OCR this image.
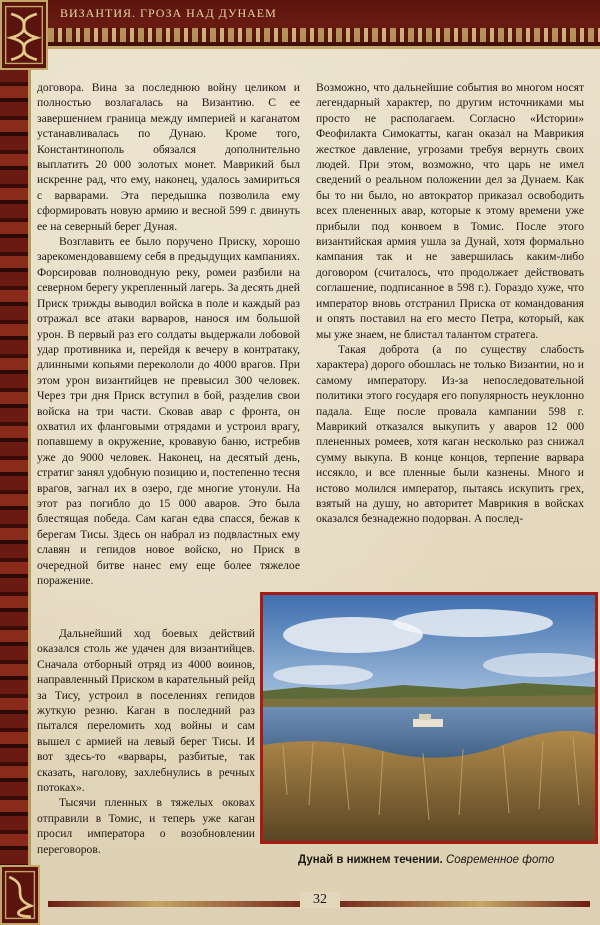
ВИЗАНТИЯ. ГРОЗА НАД ДУНАЕМ

договора. Вина за последнюю войну целиком и полностью возлагалась на Византию. С ее завершением граница между империей и каганатом устанавливалась по Дунаю. Кроме того, Константинополь обязался дополнительно выплатить 20 000 золотых монет. Маврикий был искренне рад, что ему, наконец, удалось замириться с варварами. Эта передышка позволила ему сформировать новую армию и весной 599 г. двинуть ее на северный берег Дуная.

Возглавить ее было поручено Приску, хорошо зарекомендовавшему себя в предыдущих кампаниях. Форсировав полноводную реку, ромеи разбили на северном берегу укрепленный лагерь. За десять дней Приск трижды выводил войска в поле и каждый раз отражал все атаки варваров, нанося им большой урон. В первый раз его солдаты выдержали лобовой удар противника и, перейдя к вечеру в контратаку, длинными копьями перекололи до 4000 врагов. При этом урон византийцев не превысил 300 человек. Через три дня Приск вступил в бой, разделив свои войска на три части. Сковав авар с фронта, он охватил их фланговыми отрядами и устроил врагу, попавшему в окружение, кровавую баню, истребив уже до 9000 человек. Наконец, на десятый день, стратиг занял удобную позицию и, постепенно тесня врагов, загнал их в озеро, где многие утонули. На этот раз погибло до 15 000 аваров. Это была блестящая победа. Сам каган едва спасся, бежав к берегам Тисы. Здесь он набрал из подвластных ему славян и гепидов новое войско, но Приск в очередной битве нанес ему еще более тяжелое поражение.

Дальнейший ход боевых действий оказался столь же удачен для византийцев. Сначала отборный отряд из 4000 воинов, направленный Приском в карательный рейд за Тису, устроил в поселениях гепидов жуткую резню. Каган в последний раз пытался переломить ход войны и сам вышел с армией на левый берег Тисы. И вот здесь-то «варвары, разбитые, так сказать, наголову, захлебнулись в речных потоках».

Тысячи пленных в тяжелых оковах отправили в Томис, и теперь уже каган просил императора о возобновлении переговоров.

Возможно, что дальнейшие события во многом носят легендарный характер, по другим источниками мы просто не располагаем. Согласно «Истории» Феофилакта Симокатты, каган оказал на Маврикия жесткое давление, угрозами требуя вернуть своих людей. При этом, возможно, что царь не имел сведений о реальном положении дел за Дунаем. Как бы то ни было, но автократор приказал освободить всех плененных авар, которые к этому времени уже прибыли под конвоем в Томис. После этого византийская армия ушла за Дунай, хотя формально кампания так и не завершилась каким-либо договором (считалось, что продолжает действовать соглашение, подписанное в 598 г.). Гораздо хуже, что император вновь отстранил Приска от командования и опять поставил на его место Петра, который, как мы уже знаем, не блистал талантом стратега.

Такая доброта (а по существу слабость характера) дорого обошлась не только Византии, но и самому императору. Из-за непоследовательной политики этого государя его популярность неуклонно падала. Еще после провала кампании 598 г. Маврикий отказался выкупить у аваров 12 000 плененных ромеев, хотя каган несколько раз снижал сумму выкупа. В конце концов, терпение варвара иссякло, и все пленные были казнены. Много и истово молился император, пытаясь искупить грех, взятый на душу, но авторитет Маврикия в войсках оказался безнадежно подорван. А послед-

Дунай в нижнем течении. Современное фото
32
